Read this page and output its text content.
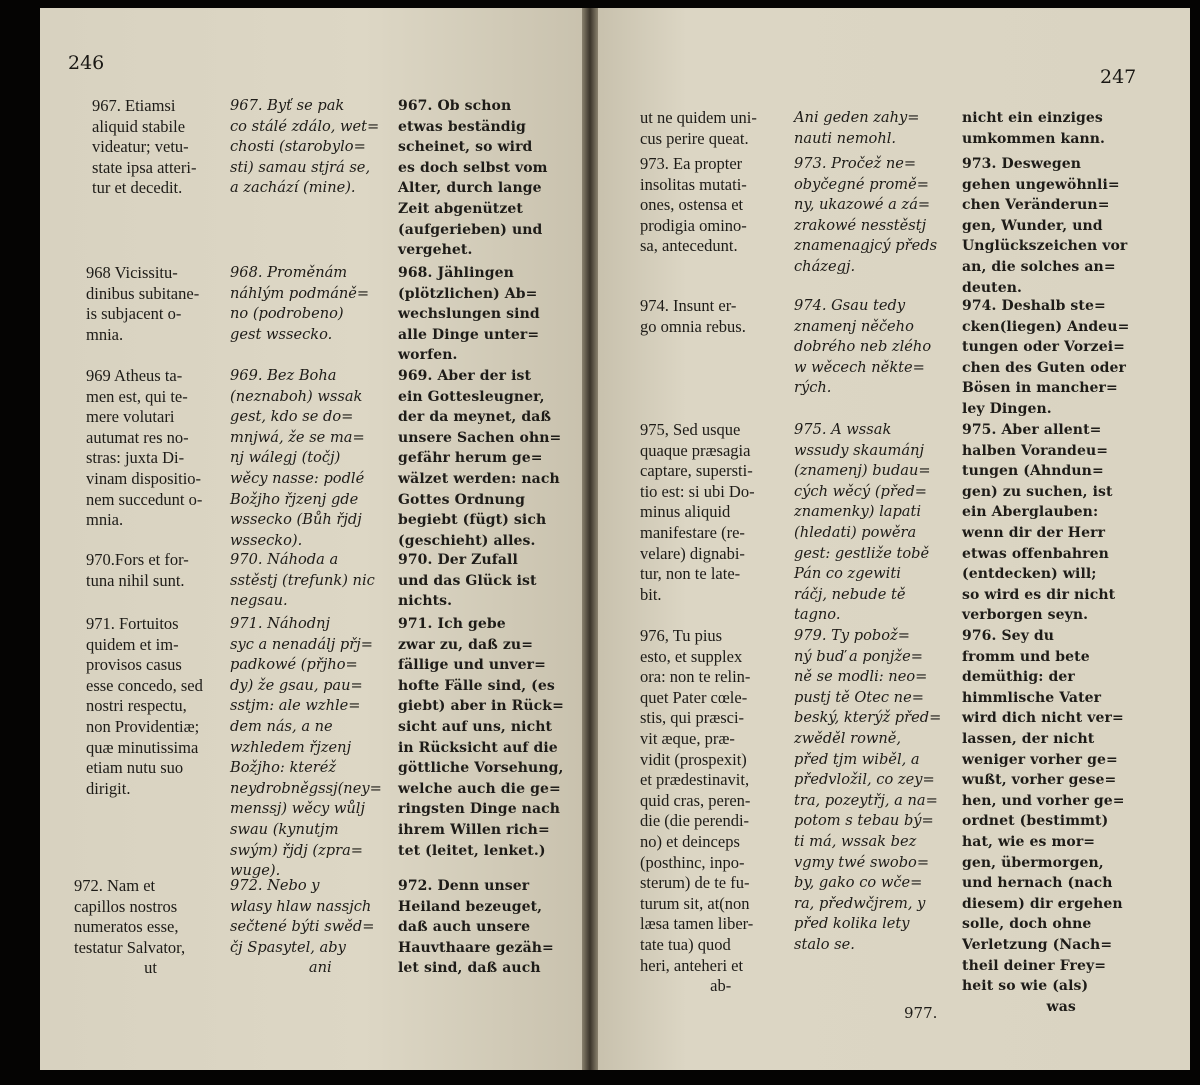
246
967. Etiamsi
aliquid stabile
videatur; vetu-
state ipsa atteri-
tur et decedit.
967. Byť se pak
co stálé zdálo, wet=
chosti (starobylo=
sti) samau stjrá se,
a zachází (mine).
967. Ob schon
etwas beständig
scheinet, so wird
es doch selbst vom
Alter, durch lange
Zeit abgenützet
(aufgerieben) und
vergehet.
968 Vicissitu-
dinibus subitane-
is subjacent o-
mnia.
968. Proměnám
náhlým podmáně=
no (podrobeno)
gest wssecko.
968. Jählingen
(plötzlichen) Ab=
wechslungen sind
alle Dinge unter=
worfen.
969 Atheus ta-
men est, qui te-
mere volutari
autumat res no-
stras: juxta Di-
vinam dispositio-
nem succedunt o-
mnia.
969. Bez Boha
(neznaboh) wssak
gest, kdo se do=
mnjwá, že se ma=
nj wálegj (točj)
wěcy nasse: podlé
Božjho řjzenj gde
wssecko (Bůh řjdj
wssecko).
969. Aber der ist
ein Gottesleugner,
der da meynet, daß
unsere Sachen ohn=
gefähr herum ge=
wälzet werden: nach
Gottes Ordnung
begiebt (fügt) sich
(geschieht) alles.
970.Fors et for-
tuna nihil sunt.
970. Náhoda a
sstěstj (trefunk) nic
negsau.
970. Der Zufall
und das Glück ist
nichts.
971. Fortuitos
quidem et im-
provisos casus
esse concedo, sed
nostri respectu,
non Providentiæ;
quæ minutissima
etiam nutu suo
dirigit.
971. Náhodnj
syc a nenadálj přj=
padkowé (přjho=
dy) že gsau, pau=
sstjm: ale wzhle=
dem nás, a ne
wzhledem řjzenj
Božjho: kteréž
neydrobněgssj(ney=
menssj) wěcy wůlj
swau (kynutjm
swým) řjdj (zpra=
wuge).
971. Ich gebe
zwar zu, daß zu=
fällige und unver=
hofte Fälle sind, (es
giebt) aber in Rück=
sicht auf uns, nicht
in Rücksicht auf die
göttliche Vorsehung,
welche auch die ge=
ringsten Dinge nach
ihrem Willen rich=
tet (leitet, lenket.)
972. Nam et
capillos nostros
numeratos esse,
testatur Salvator,
ut
972. Nebo y
wlasy hlaw nassjch
sečtené býti swěd=
čj Spasytel, aby
ani
972. Denn unser
Heiland bezeuget,
daß auch unsere
Hauvthaare gezäh=
let sind, daß auch
247
ut ne quidem uni-
cus perire queat.
Ani geden zahy=
nauti nemohl.
nicht ein einziges
umkommen kann.
973. Ea propter
insolitas mutati-
ones, ostensa et
prodigia omino-
sa, antecedunt.
973. Pročež ne=
obyčegné promě=
ny, ukazowé a zá=
zrakowé nesstěstj
znamenagjcý předs
cházegj.
973. Deswegen
gehen ungewöhnli=
chen Veränderun=
gen, Wunder, und
Unglückszeichen vor
an, die solches an=
deuten.
974. Insunt er-
go omnia rebus.
974. Gsau tedy
znamenj něčeho
dobrého neb zlého
w wěcech někte=
rých.
974. Deshalb ste=
cken(liegen) Andeu=
tungen oder Vorzei=
chen des Guten oder
Bösen in mancher=
ley Dingen.
975, Sed usque
quaque præsagia
captare, supersti-
tio est: si ubi Do-
minus aliquid
manifestare (re-
velare) dignabi-
tur, non te late-
bit.
975. A wssak
wssudy skaumánj
(znamenj) budau=
cých wěcý (před=
znamenky) lapati
(hledati) powěra
gest: gestliže tobě
Pán co zgewiti
ráčj, nebude tě
tagno.
975. Aber allent=
halben Vorandeu=
tungen (Ahndun=
gen) zu suchen, ist
ein Aberglauben:
wenn dir der Herr
etwas offenbahren
(entdecken) will;
so wird es dir nicht
verborgen seyn.
976, Tu pius
esto, et supplex
ora: non te relin-
quet Pater cœle-
stis, qui præsci-
vit æque, præ-
vidit (prospexit)
et prædestinavit,
quid cras, peren-
die (die perendi-
no) et deinceps
(posthinc, inpo-
sterum) de te fu-
turum sit, at(non
læsa tamen liber-
tate tua) quod
heri, anteheri et
ab-
979. Ty pobož=
ný buď a ponjže=
ně se modli: neo=
pustj tě Otec ne=
beský, kterýž před=
zwěděl rowně,
před tjm wiběl, a
předvložil, co zey=
tra, pozeytřj, a na=
potom s tebau bý=
ti má, wssak bez
vgmy twé swobo=
by, gako co wče=
ra, předwčjrem, y
před kolika lety
stalo se.
976. Sey du
fromm und bete
demüthig: der
himmlische Vater
wird dich nicht ver=
lassen, der nicht
weniger vorher ge=
wußt, vorher gese=
hen, und vorher ge=
ordnet (bestimmt)
hat, wie es mor=
gen, übermorgen,
und hernach (nach
diesem) dir ergehen
solle, doch ohne
Verletzung (Nach=
theil deiner Frey=
heit so wie (als)
was
977.
